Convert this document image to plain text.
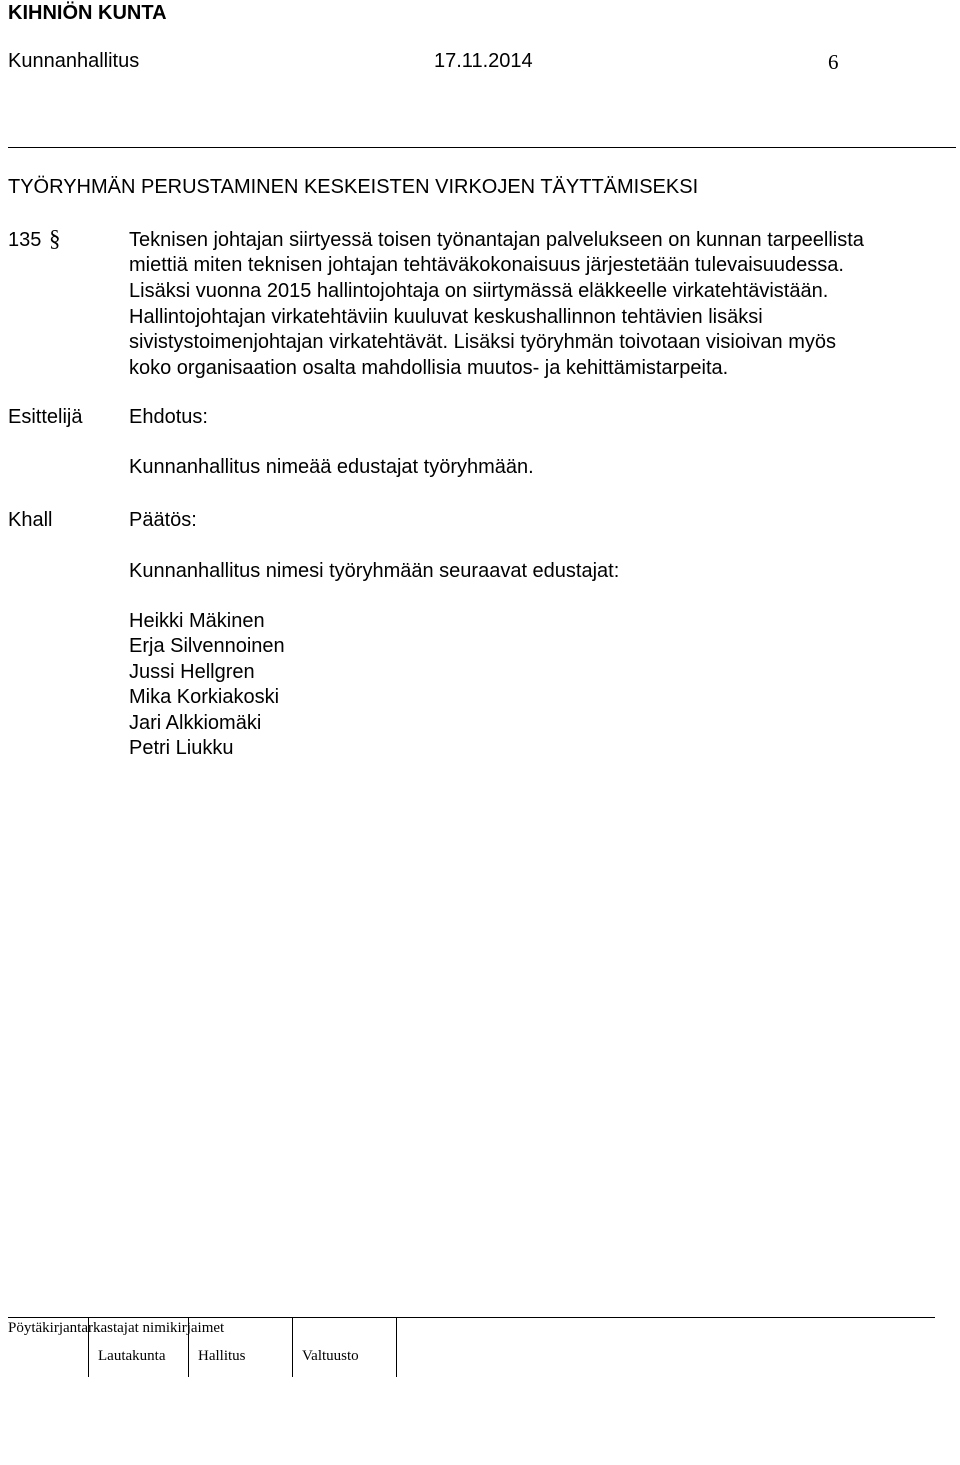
KIHNIÖN KUNTA
Kunnanhallitus	17.11.2014	6
TYÖRYHMÄN PERUSTAMINEN KESKEISTEN VIRKOJEN TÄYTTÄMISEKSI
135 §	Teknisen johtajan siirtyessä toisen työnantajan palvelukseen on kunnan tarpeellista
miettiä miten teknisen johtajan tehtäväkokonaisuus järjestetään tulevaisuudessa.
Lisäksi vuonna 2015 hallintojohtaja on siirtymässä eläkkeelle virkatehtävistään.
Hallintojohtajan virkatehtäviin kuuluvat keskushallinnon tehtävien lisäksi
sivistystoimenjohtajan virkatehtävät. Lisäksi työryhmän toivotaan visioivan myös
koko organisaation osalta mahdollisia muutos- ja kehittämistarpeita.
Esittelijä Ehdotus:
Kunnanhallitus nimeää edustajat työryhmään.
Khall	Päätös:
Kunnanhallitus nimesi työryhmään seuraavat edustajat:
Heikki Mäkinen
Erja Silvennoinen
Jussi Hellgren
Mika Korkiakoski
Jari Alkkiomäki
Petri Liukku
Pöytäkirjantarkastajat nimikirjaimet
Lautakunta Hallitus	Valtuusto
